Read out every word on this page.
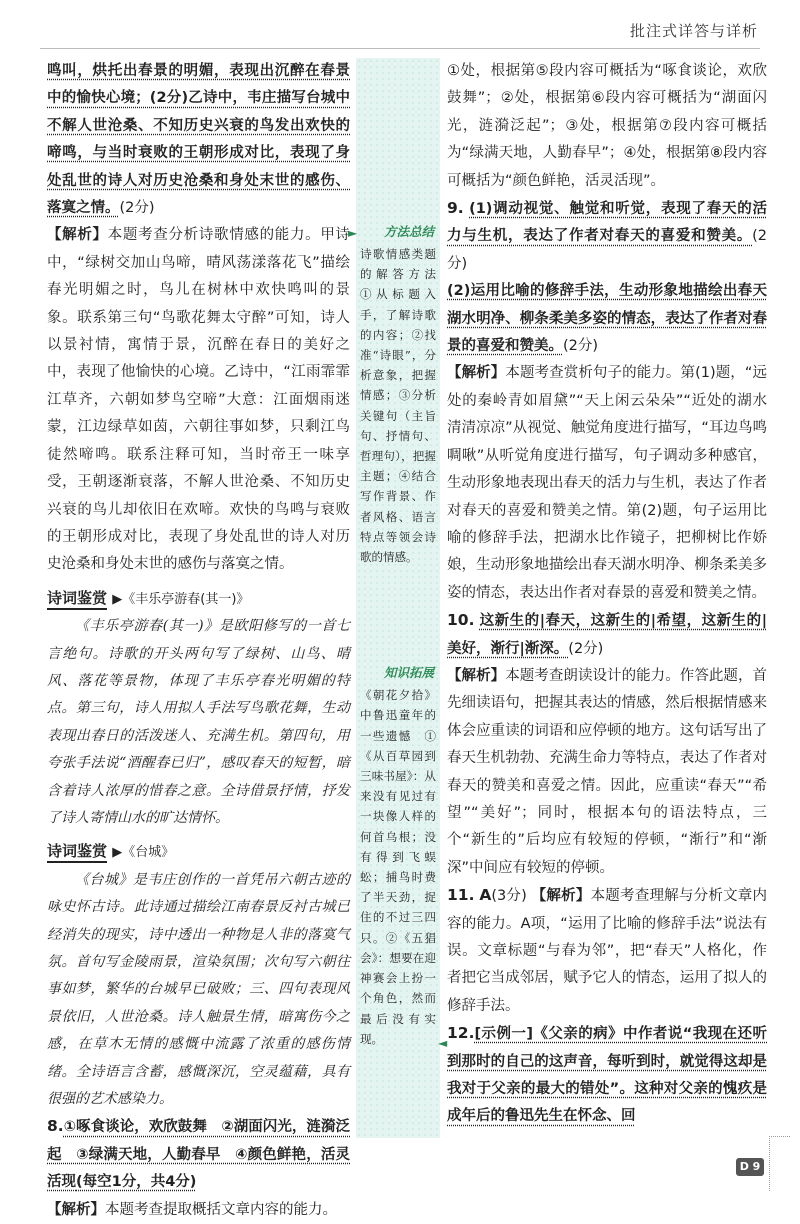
批注式详答与详析

鸣叫，烘托出春景的明媚，表现出沉醉在春景中的愉快心境；(2分)乙诗中，韦庄描写台城中不解人世沧桑、不知历史兴衰的鸟发出欢快的啼鸣，与当时衰败的王朝形成对比，表现了身处乱世的诗人对历史沧桑和身处末世的感伤、落寞之情。(2分)

【解析】本题考查分析诗歌情感的能力。甲诗中，“绿树交加山鸟啼，晴风荡漾落花飞”描绘春光明媚之时，鸟儿在树林中欢快鸣叫的景象。联系第三句“鸟歌花舞太守醉”可知，诗人以景衬情，寓情于景，沉醉在春日的美好之中，表现了他愉快的心境。乙诗中，“江雨霏霏江草齐，六朝如梦鸟空啼”大意：江面烟雨迷蒙，江边绿草如茵，六朝往事如梦，只剩江鸟徒然啼鸣。联系注释可知，当时帝王一味享受，王朝逐渐衰落，不解人世沧桑、不知历史兴衰的鸟儿却依旧在欢啼。欢快的鸟鸣与衰败的王朝形成对比，表现了身处乱世的诗人对历史沧桑和身处末世的感伤与落寞之情。

诗词鉴赏 ▶《丰乐亭游春(其一)》

《丰乐亭游春(其一)》是欧阳修写的一首七言绝句。诗歌的开头两句写了绿树、山鸟、晴风、落花等景物，体现了丰乐亭春光明媚的特点。第三句，诗人用拟人手法写鸟歌花舞，生动表现出春日的活泼迷人、充满生机。第四句，用夸张手法说“酒醒春已归”，感叹春天的短暂，暗含着诗人浓厚的惜春之意。全诗借景抒情，抒发了诗人寄情山水的旷达情怀。

诗词鉴赏 ▶《台城》

《台城》是韦庄创作的一首凭吊六朝古迹的咏史怀古诗。此诗通过描绘江南春景反衬古城已经消失的现实，诗中透出一种物是人非的落寞气氛。首句写金陵雨景，渲染氛围；次句写六朝往事如梦，繁华的台城早已破败；三、四句表现风景依旧，人世沧桑。诗人触景生情，暗寓伤今之感，在草木无情的感慨中流露了浓重的感伤情绪。全诗语言含蓄，感慨深沉，空灵蕴藉，具有很强的艺术感染力。

8.①啄食谈论，欢欣鼓舞　②湖面闪光，涟漪泛起　③绿满天地，人勤春早　④颜色鲜艳，活灵活现(每空1分，共4分)

【解析】本题考查提取概括文章内容的能力。

方法总结
诗歌情感类题的解答方法　①从标题入手，了解诗歌的内容；②找准“诗眼”，分析意象，把握情感；③分析关键句（主旨句、抒情句、哲理句），把握主题；④结合写作背景、作者风格、语言特点等领会诗歌的情感。
知识拓展
《朝花夕拾》中鲁迅童年的一些遗憾　①《从百草园到三味书屋》：从来没有见过有一块像人样的何首乌根；没有得到飞蜈蚣；捕鸟时费了半天劲，捉住的不过三四只。②《五猖会》：想要在迎神赛会上扮一个角色，然而最后没有实现。
►
◄

①处，根据第⑤段内容可概括为“啄食谈论，欢欣鼓舞”；②处，根据第⑥段内容可概括为“湖面闪光，涟漪泛起”；③处，根据第⑦段内容可概括为“绿满天地，人勤春早”；④处，根据第⑧段内容可概括为“颜色鲜艳，活灵活现”。

9. (1)调动视觉、触觉和听觉，表现了春天的活力与生机，表达了作者对春天的喜爱和赞美。(2分)

(2)运用比喻的修辞手法，生动形象地描绘出春天湖水明净、柳条柔美多姿的情态，表达了作者对春景的喜爱和赞美。(2分)

【解析】本题考查赏析句子的能力。第(1)题，“远处的秦岭青如眉黛”“天上闲云朵朵”“近处的湖水清清凉凉”从视觉、触觉角度进行描写，“耳边鸟鸣啁啾”从听觉角度进行描写，句子调动多种感官，生动形象地表现出春天的活力与生机，表达了作者对春天的喜爱和赞美之情。第(2)题，句子运用比喻的修辞手法，把湖水比作镜子，把柳树比作娇娘，生动形象地描绘出春天湖水明净、柳条柔美多姿的情态，表达出作者对春景的喜爱和赞美之情。

10. 这新生的|春天，这新生的|希望，这新生的|美好，渐行|渐深。(2分)

【解析】本题考查朗读设计的能力。作答此题，首先细读语句，把握其表达的情感，然后根据情感来体会应重读的词语和应停顿的地方。这句话写出了春天生机勃勃、充满生命力等特点，表达了作者对春天的赞美和喜爱之情。因此，应重读“春天”“希望”“美好”；同时，根据本句的语法特点，三个“新生的”后均应有较短的停顿，“渐行”和“渐深”中间应有较短的停顿。

11. A(3分) 【解析】本题考查理解与分析文章内容的能力。A项，“运用了比喻的修辞手法”说法有误。文章标题“与春为邻”，把“春天”人格化，作者把它当成邻居，赋予它人的情态，运用了拟人的修辞手法。

12.[示例一]《父亲的病》中作者说“我现在还听到那时的自己的这声音，每听到时，就觉得这却是我对于父亲的最大的错处”。这种对父亲的愧疚是成年后的鲁迅先生在怀念、回

D 9
